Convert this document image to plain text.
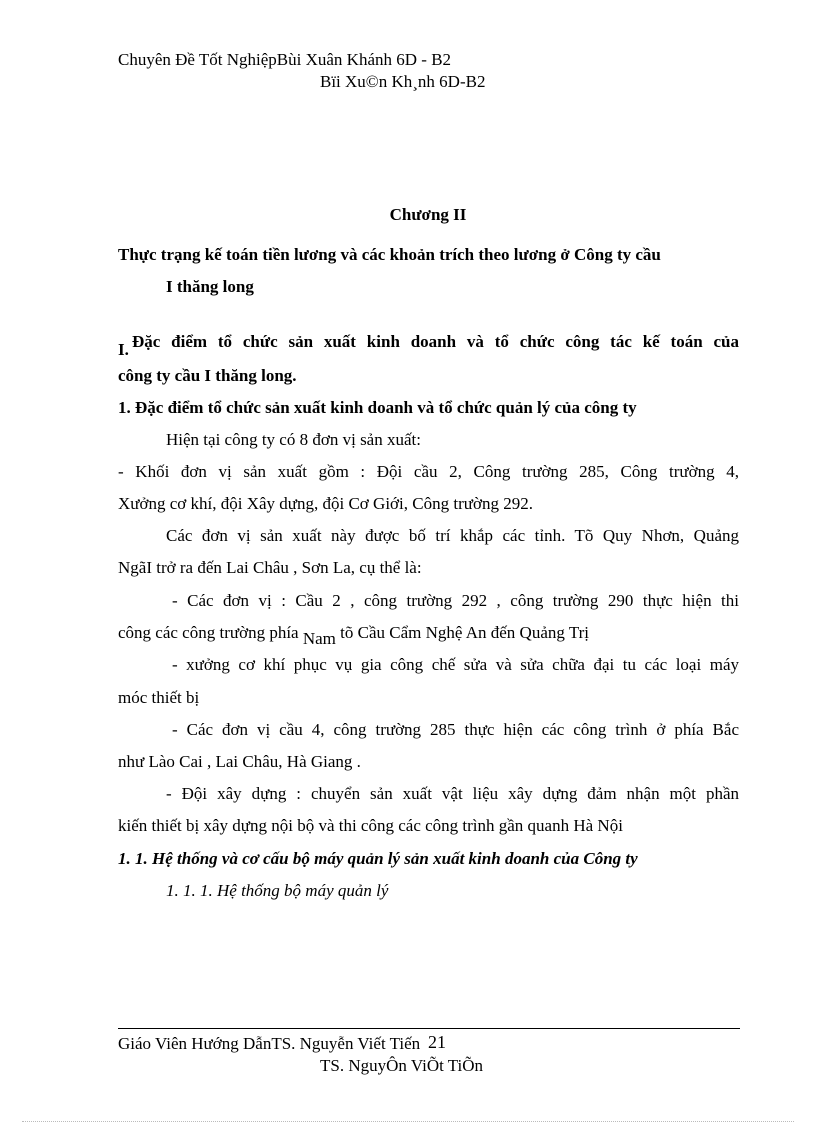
Chuyên Đề Tốt NghiệpBùi Xuân Khánh 6D - B2
Bïi Xu©n Kh¸nh 6D-B2
Chương II
Thực trạng kế toán tiền lương và các khoản trích theo lương ở Công ty cầu
I thăng long
I. Đặc điểm tổ chức sản xuất kinh doanh và tổ chức công tác kế toán của
công ty cầu I thăng long.
1. Đặc điểm tổ chức sản xuất kinh doanh và tổ chức quản lý của công ty
Hiện tại công ty có 8 đơn vị sản xuất:
- Khối đơn vị sản xuất gồm : Đội cầu 2, Công trường 285, Công trường 4,
Xưởng cơ khí, đội Xây dựng, đội Cơ Giới, Công trường 292.
Các đơn vị sản xuất này được bố trí khắp các tỉnh. Tõ Quy Nhơn, Quảng
NgãI trở ra đến Lai Châu , Sơn La, cụ thể là:
- Các đơn vị : Cầu 2 , công trường 292 , công trường 290 thực hiện thi
công các công trường phía Nam tõ Cầu Cẩm Nghệ An đến Quảng Trị
- xưởng cơ khí phục vụ gia công chế sửa và sửa chữa đại tu các loại máy
móc thiết bị
- Các đơn vị cầu 4, công trường 285 thực hiện các công trình ở phía Bắc
như Lào Cai , Lai Châu, Hà Giang .
- Đội xây dựng : chuyển sản xuất vật liệu xây dựng đảm nhận một phần
kiến thiết bị xây dựng nội bộ và thi công các công trình gần quanh Hà Nội
1. 1. Hệ thống và cơ cấu bộ máy quản lý sản xuất kinh doanh của Công ty
1. 1. 1. Hệ thống bộ máy quản lý
Giáo Viên Hướng DẫnTS. Nguyễn Viết Tiến 21
TS. NguyÔn ViÕt TiÕn
